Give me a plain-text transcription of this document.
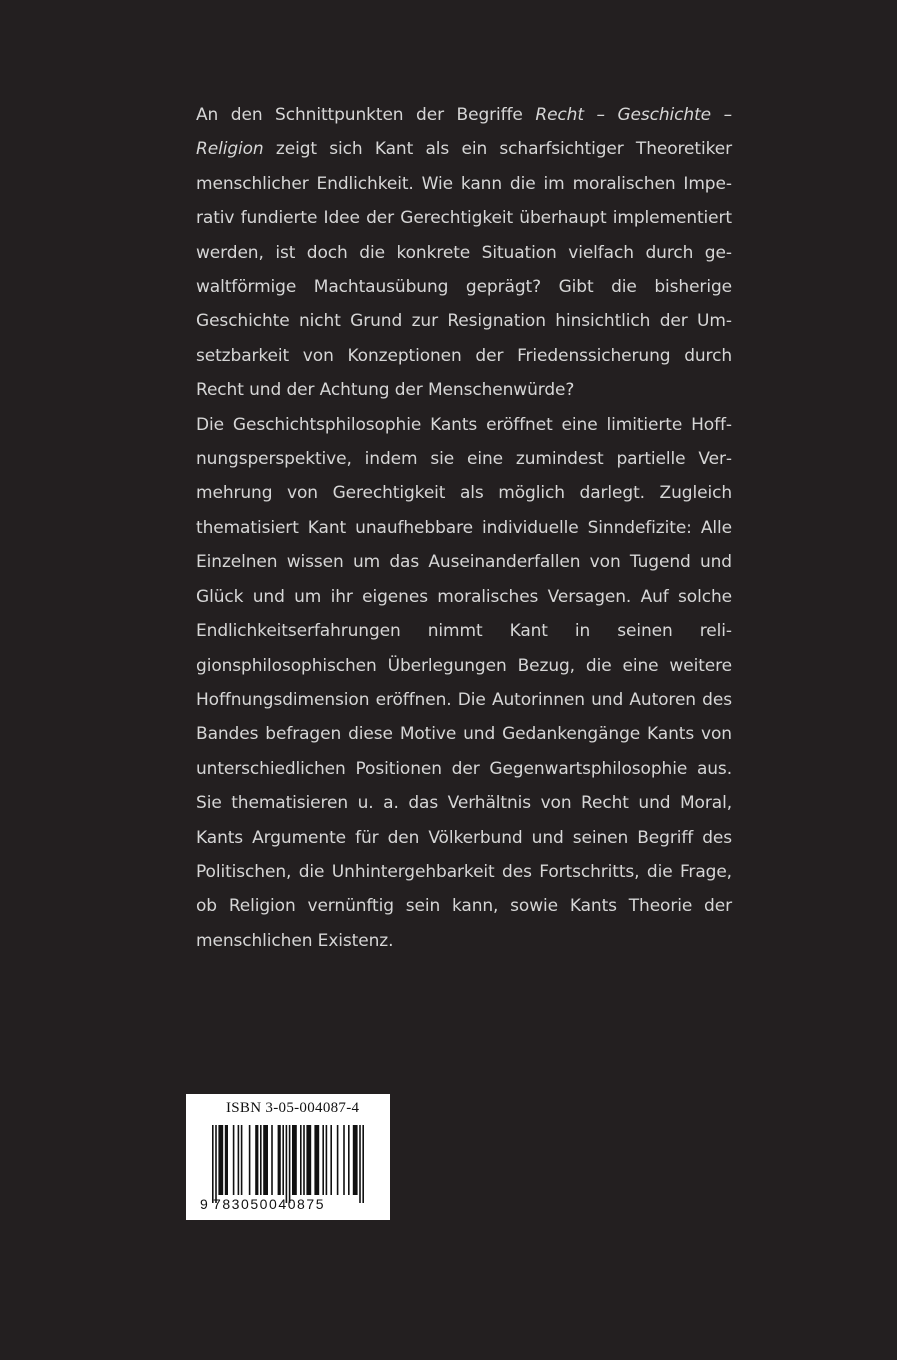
An den Schnittpunkten der Begriffe Recht – Geschichte – Religion zeigt sich Kant als ein scharfsichtiger Theoretiker menschlicher Endlichkeit. Wie kann die im moralischen Imperativ fundierte Idee der Gerechtigkeit überhaupt implementiert werden, ist doch die konkrete Situation vielfach durch gewaltförmige Machtausübung geprägt? Gibt die bisherige Geschichte nicht Grund zur Resignation hinsichtlich der Umsetzbarkeit von Konzeptionen der Friedenssicherung durch Recht und der Achtung der Menschenwürde?

Die Geschichtsphilosophie Kants eröffnet eine limitierte Hoffnungsperspektive, indem sie eine zumindest partielle Vermehrung von Gerechtigkeit als möglich darlegt. Zugleich thematisiert Kant unaufhebbare individuelle Sinndefizite: Alle Einzelnen wissen um das Auseinanderfallen von Tugend und Glück und um ihr eigenes moralisches Versagen. Auf solche Endlichkeitserfahrungen nimmt Kant in seinen religionsphilosophischen Überlegungen Bezug, die eine weitere Hoffnungsdimension eröffnen. Die Autorinnen und Autoren des Bandes befragen diese Motive und Gedankengänge Kants von unterschiedlichen Positionen der Gegenwartsphilosophie aus. Sie thematisieren u. a. das Verhältnis von Recht und Moral, Kants Argumente für den Völkerbund und seinen Begriff des Politischen, die Unhintergehbarkeit des Fortschritts, die Frage, ob Religion vernünftig sein kann, sowie Kants Theorie der menschlichen Existenz.

ISBN 3-05-004087-4
9 783050040875
